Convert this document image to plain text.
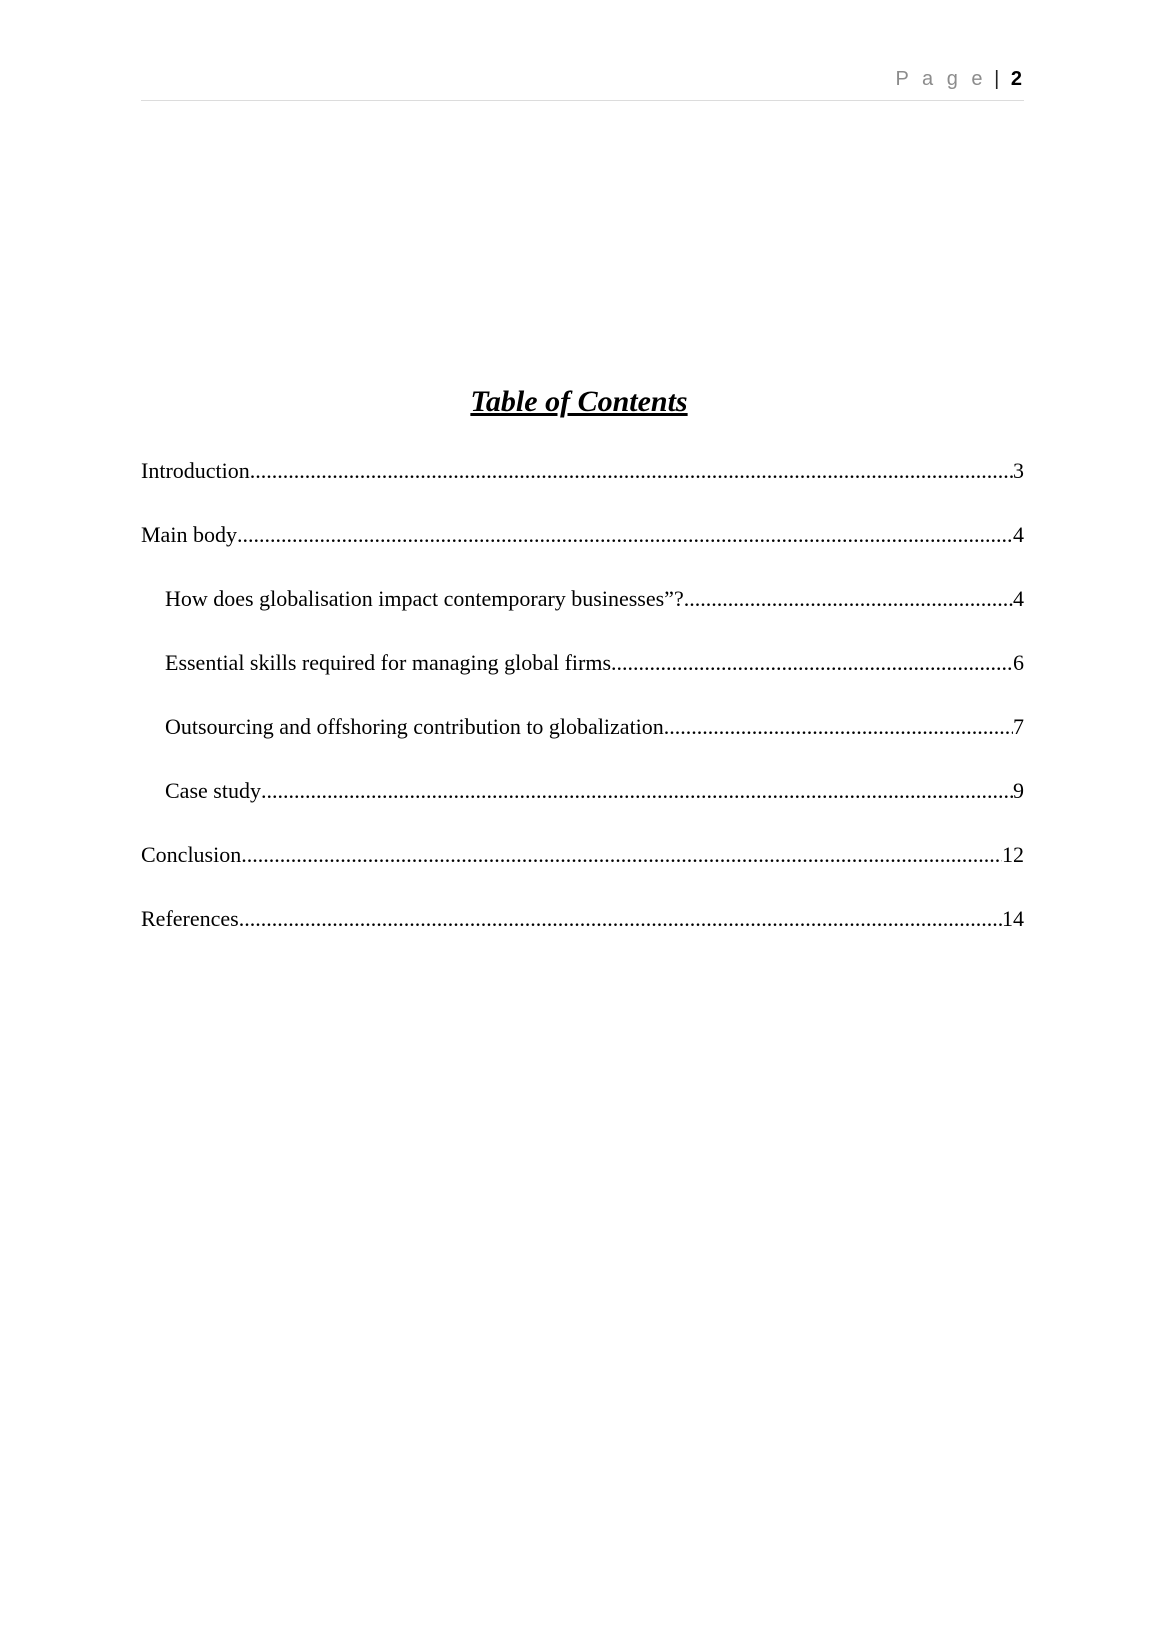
P a g e | 2
Table of Contents
Introduction .....	3
Main body .....	4
How does globalisation impact contemporary businesses”? .....	4
Essential skills required for managing global firms .....	6
Outsourcing and offshoring contribution to globalization .....	7
Case study .....	9
Conclusion .....	12
References .....	14
